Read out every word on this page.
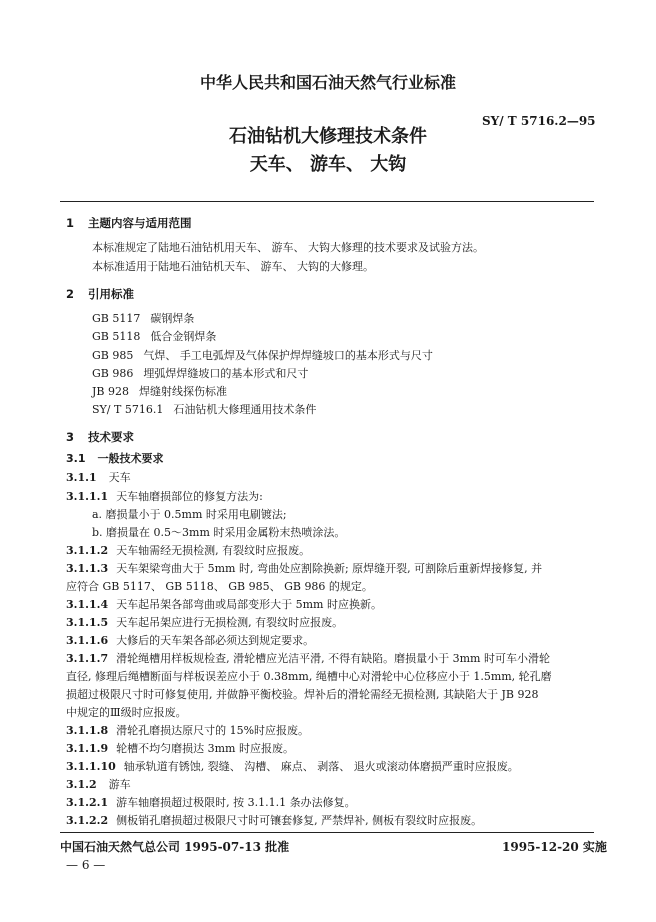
中华人民共和国石油天然气行业标准
SY/ T 5716.2—95
石油钻机大修理技术条件
天车、 游车、 大钩
1 主题内容与适用范围
本标准规定了陆地石油钻机用天车、 游车、 大钩大修理的技术要求及试验方法。
本标准适用于陆地石油钻机天车、 游车、 大钩的大修理。
2 引用标准
GB 5117 碳钢焊条
GB 5118 低合金钢焊条
GB 985 气焊、 手工电弧焊及气体保护焊焊缝坡口的基本形式与尺寸
GB 986 埋弧焊焊缝坡口的基本形式和尺寸
JB 928 焊缝射线探伤标准
SY/ T 5716.1 石油钻机大修理通用技术条件
3 技术要求
3.1 一般技术要求
3.1.1 天车
3.1.1.1 天车轴磨损部位的修复方法为:
a. 磨损量小于 0.5mm 时采用电刷镀法;
b. 磨损量在 0.5～3mm 时采用金属粉末热喷涂法。
3.1.1.2 天车轴需经无损检测, 有裂纹时应报废。
3.1.1.3 天车架梁弯曲大于 5mm 时, 弯曲处应割除换新; 原焊缝开裂, 可割除后重新焊接修复, 并
应符合 GB 5117、 GB 5118、 GB 985、 GB 986 的规定。
3.1.1.4 天车起吊架各部弯曲或局部变形大于 5mm 时应换新。
3.1.1.5 天车起吊架应进行无损检测, 有裂纹时应报废。
3.1.1.6 大修后的天车架各部必须达到规定要求。
3.1.1.7 滑轮绳槽用样板规检查, 滑轮槽应光洁平滑, 不得有缺陷。磨损量小于 3mm 时可车小滑轮
直径, 修理后绳槽断面与样板误差应小于 0.38mm, 绳槽中心对滑轮中心位移应小于 1.5mm, 轮孔磨
损超过极限尺寸时可修复使用, 并做静平衡校验。焊补后的滑轮需经无损检测, 其缺陷大于 JB 928
中规定的Ⅲ级时应报废。
3.1.1.8 滑轮孔磨损达原尺寸的 15%时应报废。
3.1.1.9 轮槽不均匀磨损达 3mm 时应报废。
3.1.1.10 轴承轨道有锈蚀, 裂缝、 沟槽、 麻点、 剥落、 退火或滚动体磨损严重时应报废。
3.1.2 游车
3.1.2.1 游车轴磨损超过极限时, 按 3.1.1.1 条办法修复。
3.1.2.2 侧板销孔磨损超过极限尺寸时可镶套修复, 严禁焊补, 侧板有裂纹时应报废。
中国石油天然气总公司 1995-07-13 批准	1995-12-20 实施
— 6 —
